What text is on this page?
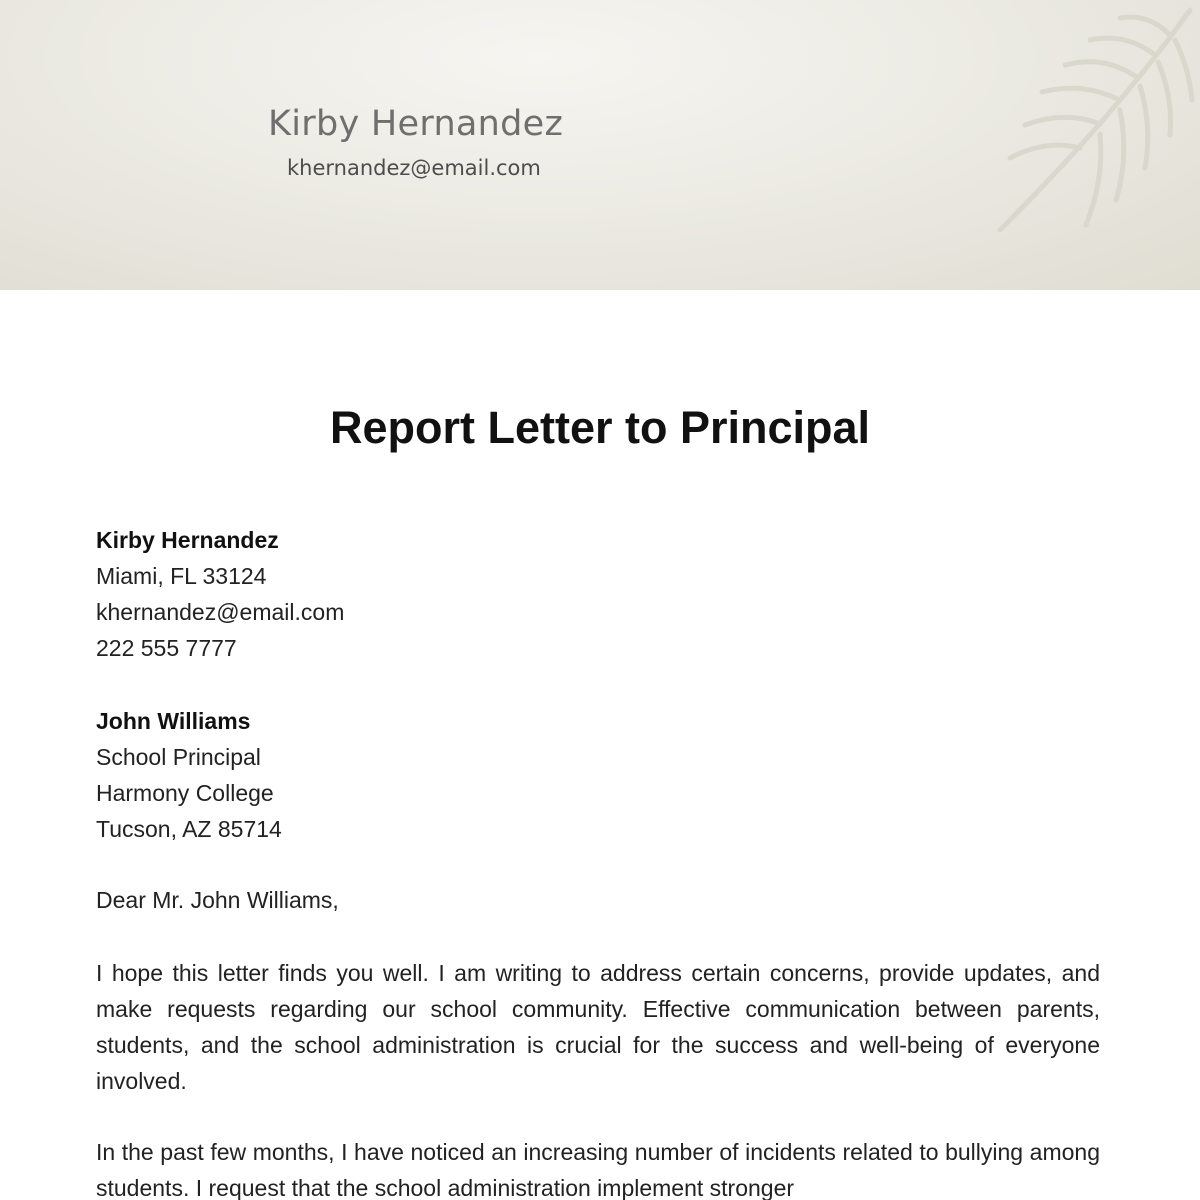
Kirby Hernandez
khernandez@email.com
Report Letter to Principal
Kirby Hernandez
Miami, FL 33124
khernandez@email.com
222 555 7777
John Williams
School Principal
Harmony College
Tucson, AZ 85714
Dear Mr. John Williams,
I hope this letter finds you well. I am writing to address certain concerns, provide updates, and make requests regarding our school community. Effective communication between parents, students, and the school administration is crucial for the success and well-being of everyone involved.
In the past few months, I have noticed an increasing number of incidents related to bullying among students. I request that the school administration implement stronger
